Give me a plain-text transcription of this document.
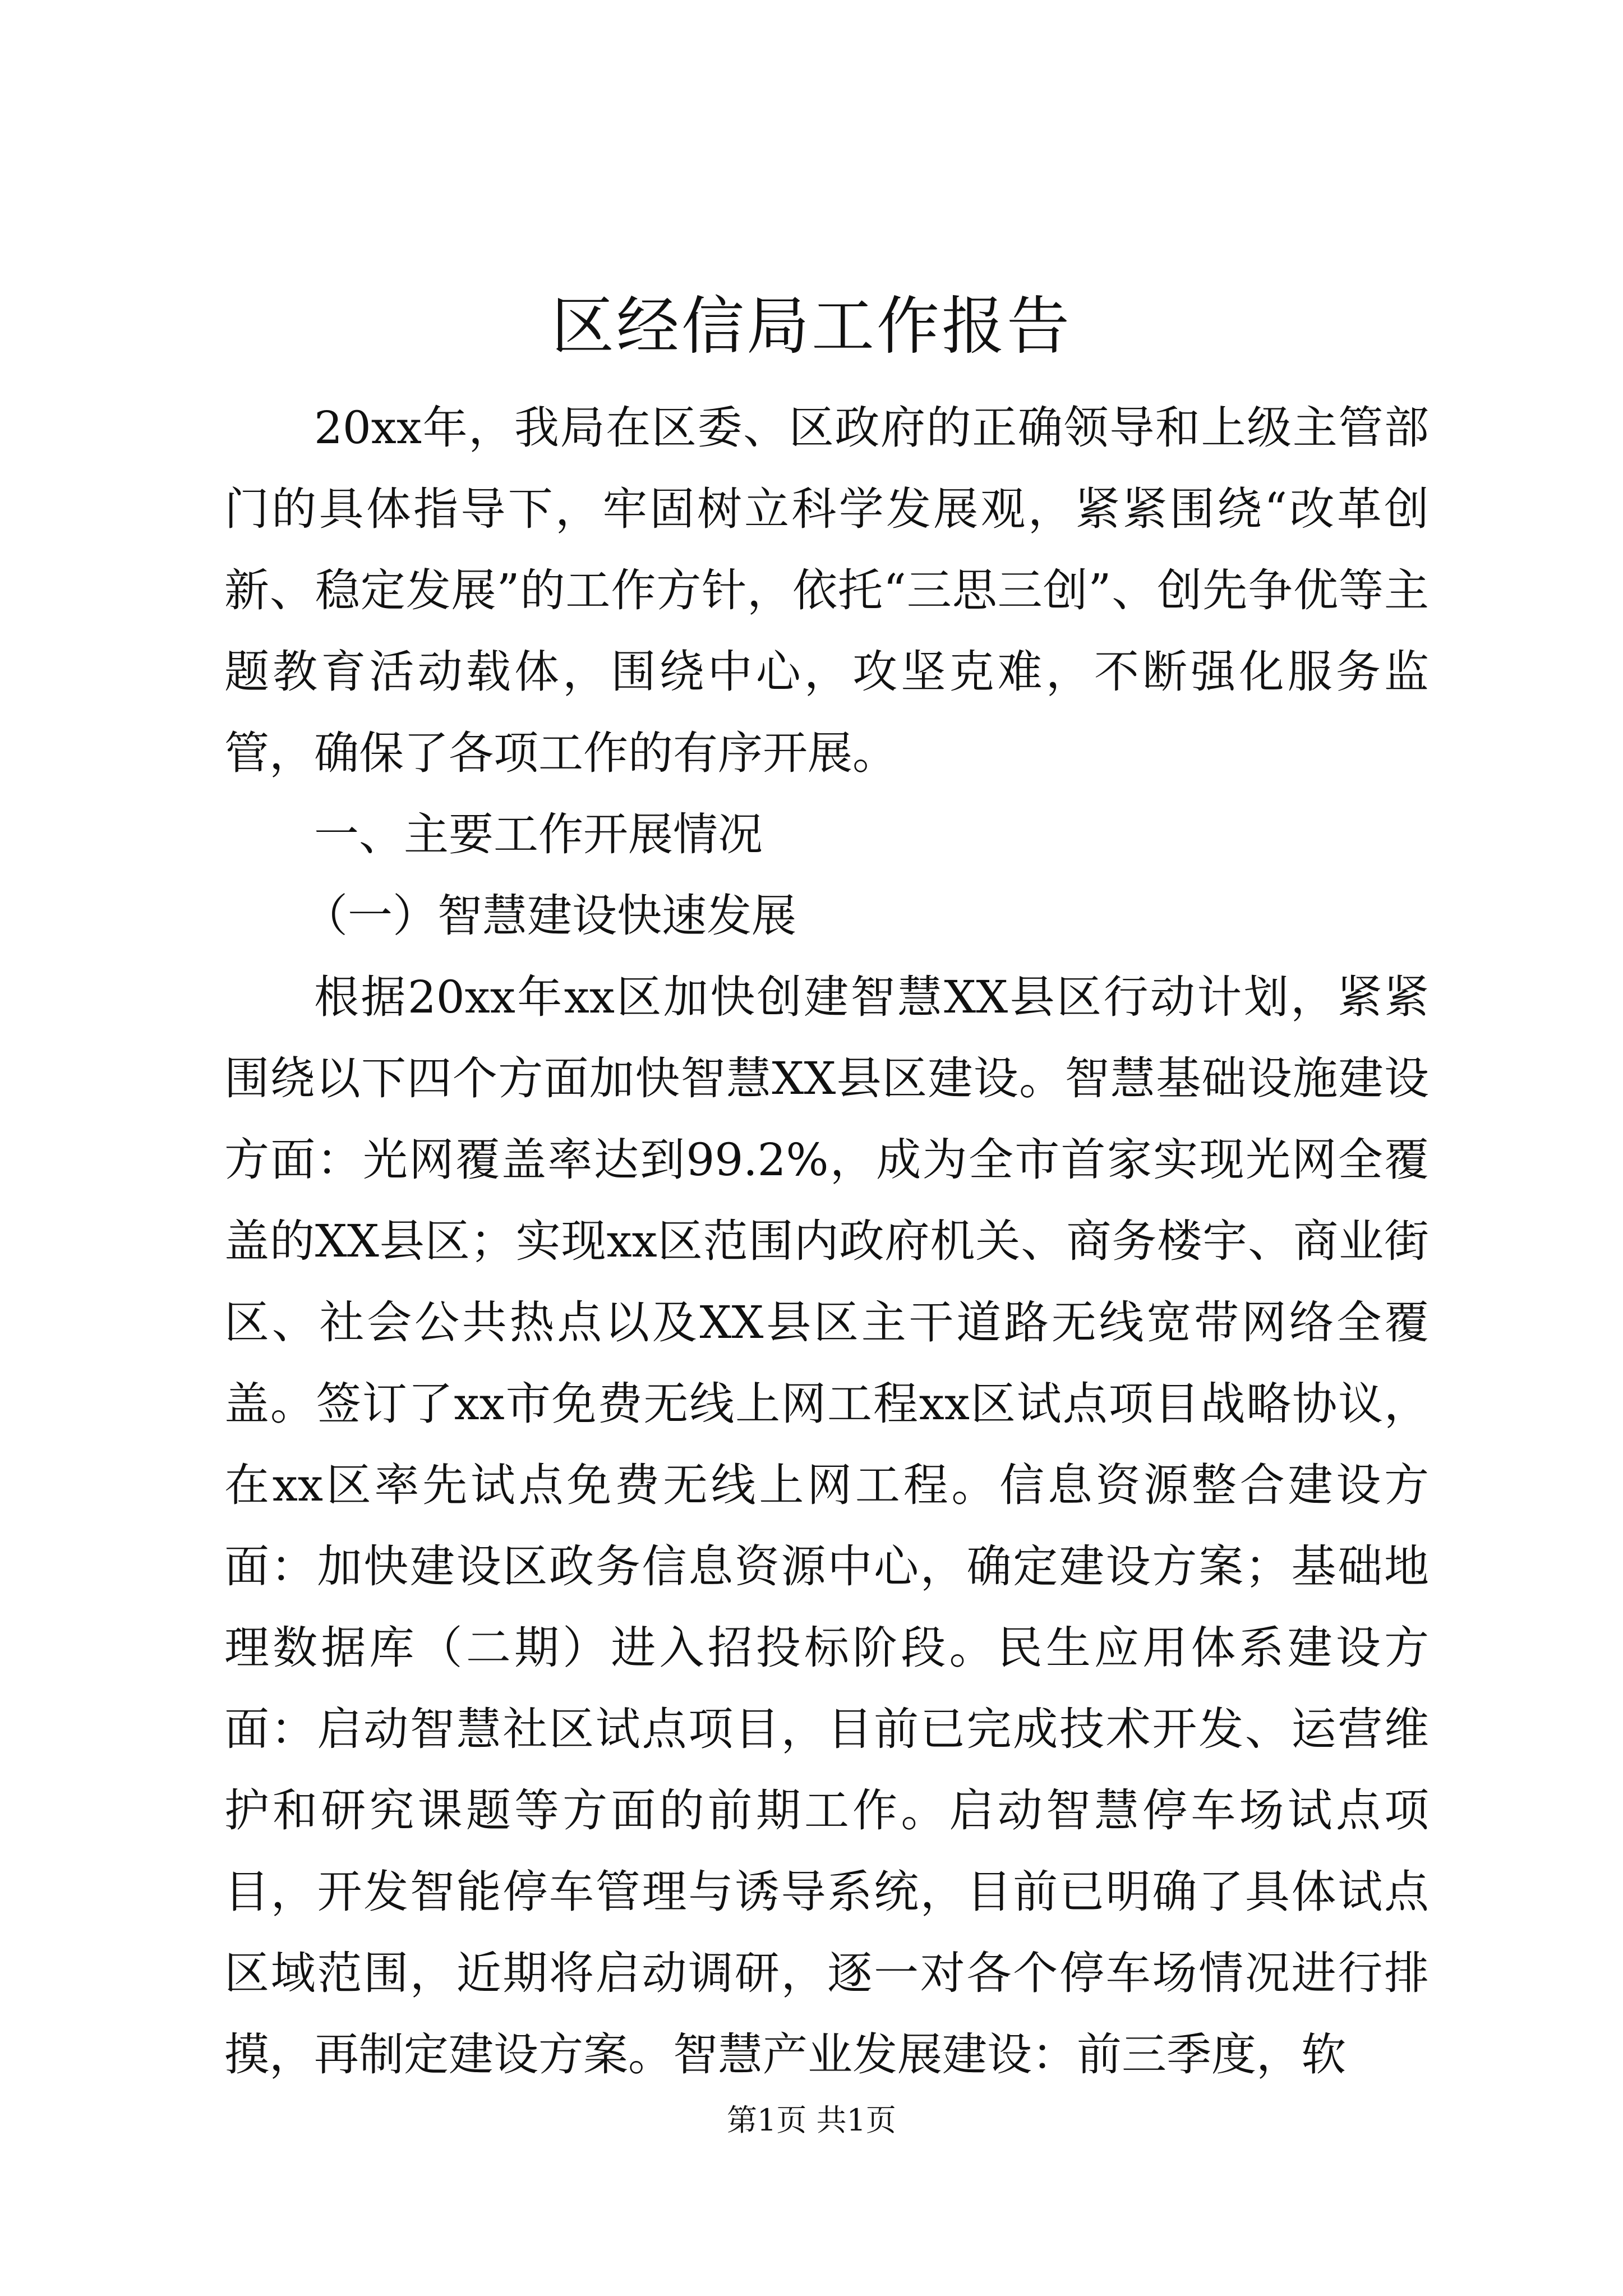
区经信局工作报告

20xx年，我局在区委、区政府的正确领导和上级主管部门的具体指导下，牢固树立科学发展观，紧紧围绕“改革创新、稳定发展”的工作方针，依托“三思三创”、创先争优等主题教育活动载体，围绕中心，攻坚克难，不断强化服务监管，确保了各项工作的有序开展。

一、主要工作开展情况

（一）智慧建设快速发展

根据20xx年xx区加快创建智慧XX县区行动计划，紧紧围绕以下四个方面加快智慧XX县区建设。智慧基础设施建设方面：光网覆盖率达到99.2%，成为全市首家实现光网全覆盖的XX县区；实现xx区范围内政府机关、商务楼宇、商业街区、社会公共热点以及XX县区主干道路无线宽带网络全覆盖。签订了xx市免费无线上网工程xx区试点项目战略协议，在xx区率先试点免费无线上网工程。信息资源整合建设方面：加快建设区政务信息资源中心，确定建设方案；基础地理数据库（二期）进入招投标阶段。民生应用体系建设方面：启动智慧社区试点项目，目前已完成技术开发、运营维护和研究课题等方面的前期工作。启动智慧停车场试点项目，开发智能停车管理与诱导系统，目前已明确了具体试点区域范围，近期将启动调研，逐一对各个停车场情况进行排摸，再制定建设方案。智慧产业发展建设：前三季度，软

第1页 共1页
